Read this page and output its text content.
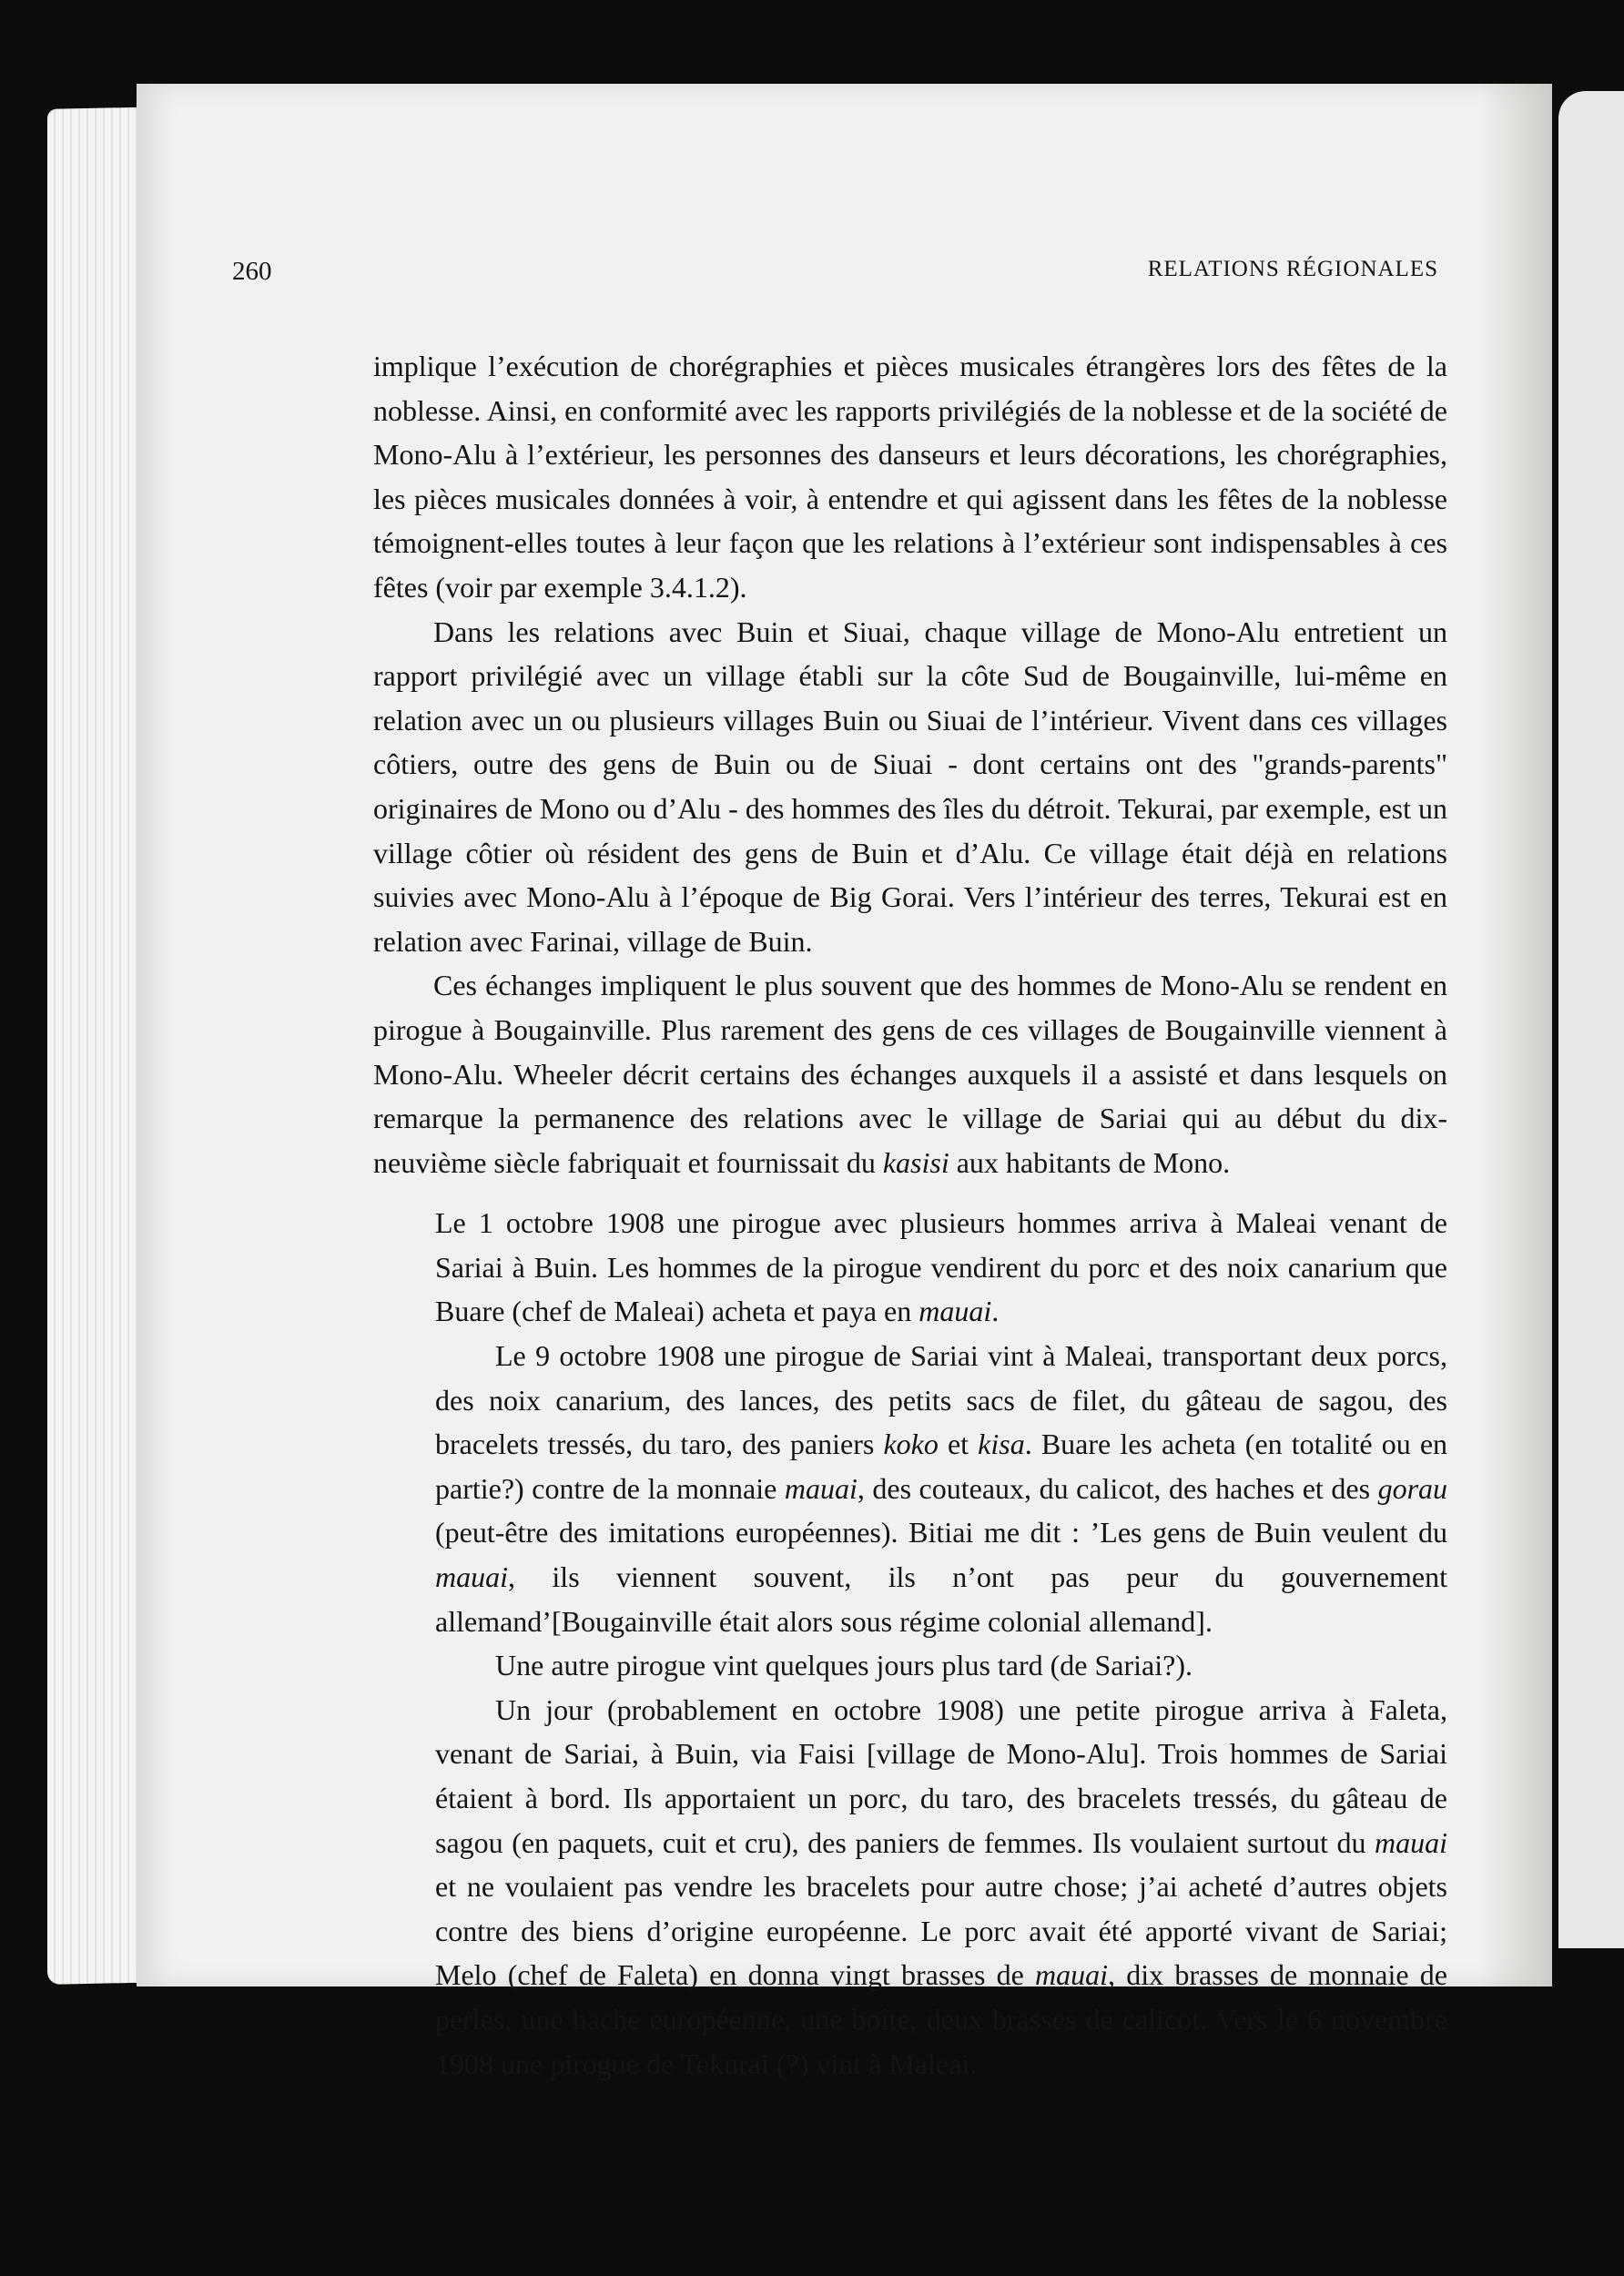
260	RELATIONS RÉGIONALES

implique l’exécution de chorégraphies et pièces musicales étrangères lors des fêtes de la noblesse. Ainsi, en conformité avec les rapports privilégiés de la noblesse et de la société de Mono-Alu à l’extérieur, les personnes des danseurs et leurs décorations, les chorégraphies, les pièces musicales données à voir, à entendre et qui agissent dans les fêtes de la noblesse témoignent-elles toutes à leur façon que les relations à l’extérieur sont indispensables à ces fêtes (voir par exemple 3.4.1.2).

Dans les relations avec Buin et Siuai, chaque village de Mono-Alu entretient un rapport privilégié avec un village établi sur la côte Sud de Bougainville, lui-même en relation avec un ou plusieurs villages Buin ou Siuai de l’intérieur. Vivent dans ces villages côtiers, outre des gens de Buin ou de Siuai - dont certains ont des "grands-parents" originaires de Mono ou d’Alu - des hommes des îles du détroit. Tekurai, par exemple, est un village côtier où résident des gens de Buin et d’Alu. Ce village était déjà en relations suivies avec Mono-Alu à l’époque de Big Gorai. Vers l’intérieur des terres, Tekurai est en relation avec Farinai, village de Buin.

Ces échanges impliquent le plus souvent que des hommes de Mono-Alu se rendent en pirogue à Bougainville. Plus rarement des gens de ces villages de Bougainville viennent à Mono-Alu. Wheeler décrit certains des échanges auxquels il a assisté et dans lesquels on remarque la permanence des relations avec le village de Sariai qui au début du dix-neuvième siècle fabriquait et fournissait du kasisi aux habitants de Mono.

Le 1 octobre 1908 une pirogue avec plusieurs hommes arriva à Maleai venant de Sariai à Buin. Les hommes de la pirogue vendirent du porc et des noix canarium que Buare (chef de Maleai) acheta et paya en mauai.

Le 9 octobre 1908 une pirogue de Sariai vint à Maleai, transportant deux porcs, des noix canarium, des lances, des petits sacs de filet, du gâteau de sagou, des bracelets tressés, du taro, des paniers koko et kisa. Buare les acheta (en totalité ou en partie?) contre de la monnaie mauai, des couteaux, du calicot, des haches et des gorau (peut-être des imitations européennes). Bitiai me dit : ’Les gens de Buin veulent du mauai, ils viennent souvent, ils n’ont pas peur du gouvernement allemand’[Bougainville était alors sous régime colonial allemand].

Une autre pirogue vint quelques jours plus tard (de Sariai?).

Un jour (probablement en octobre 1908) une petite pirogue arriva à Faleta, venant de Sariai, à Buin, via Faisi [village de Mono-Alu]. Trois hommes de Sariai étaient à bord. Ils apportaient un porc, du taro, des bracelets tressés, du gâteau de sagou (en paquets, cuit et cru), des paniers de femmes. Ils voulaient surtout du mauai et ne voulaient pas vendre les bracelets pour autre chose; j’ai acheté d’autres objets contre des biens d’origine européenne. Le porc avait été apporté vivant de Sariai; Melo (chef de Faleta) en donna vingt brasses de mauai, dix brasses de monnaie de perles, une hache européenne, une boîte, deux brasses de calicot. Vers le 6 novembre 1908 une pirogue de Tekurai (?) vint à Maleai.
